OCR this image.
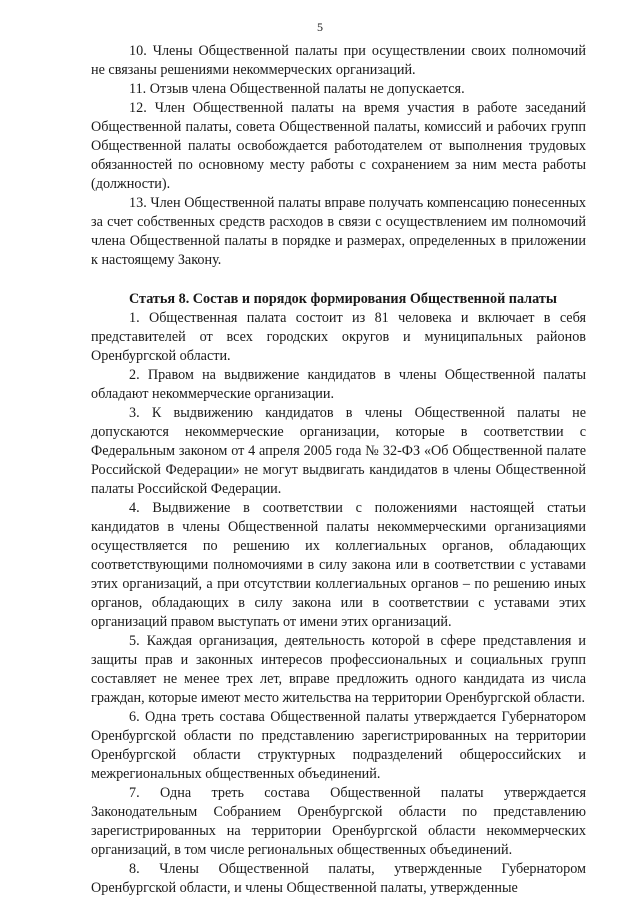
5

10. Члены Общественной палаты при осуществлении своих полномочий не связаны решениями некоммерческих организаций.

11. Отзыв члена Общественной палаты не допускается.

12. Член Общественной палаты на время участия в работе заседаний Общественной палаты, совета Общественной палаты, комиссий и рабочих групп Общественной палаты освобождается работодателем от выполнения трудовых обязанностей по основному месту работы с сохранением за ним места работы (должности).

13. Член Общественной палаты вправе получать компенсацию понесенных за счет собственных средств расходов в связи с осуществлением им полномочий члена Общественной палаты в порядке и размерах, определенных в приложении к настоящему Закону.

Статья 8. Состав и порядок формирования Общественной палаты

1. Общественная палата состоит из 81 человека и включает в себя представителей от всех городских округов и муниципальных районов Оренбургской области.

2. Правом на выдвижение кандидатов в члены Общественной палаты обладают некоммерческие организации.

3. К выдвижению кандидатов в члены Общественной палаты не допускаются некоммерческие организации, которые в соответствии с Федеральным законом от 4 апреля 2005 года № 32-ФЗ «Об Общественной палате Российской Федерации» не могут выдвигать кандидатов в члены Общественной палаты Российской Федерации.

4. Выдвижение в соответствии с положениями настоящей статьи кандидатов в члены Общественной палаты некоммерческими организациями осуществляется по решению их коллегиальных органов, обладающих соответствующими полномочиями в силу закона или в соответствии с уставами этих организаций, а при отсутствии коллегиальных органов – по решению иных органов, обладающих в силу закона или в соответствии с уставами этих организаций правом выступать от имени этих организаций.

5. Каждая организация, деятельность которой в сфере представления и защиты прав и законных интересов профессиональных и социальных групп составляет не менее трех лет, вправе предложить одного кандидата из числа граждан, которые имеют место жительства на территории Оренбургской области.

6. Одна треть состава Общественной палаты утверждается Губернатором Оренбургской области по представлению зарегистрированных на территории Оренбургской области структурных подразделений общероссийских и межрегиональных общественных объединений.

7. Одна треть состава Общественной палаты утверждается Законодательным Собранием Оренбургской области по представлению зарегистрированных на территории Оренбургской области некоммерческих организаций, в том числе региональных общественных объединений.

8. Члены Общественной палаты, утвержденные Губернатором Оренбургской области, и члены Общественной палаты, утвержденные
